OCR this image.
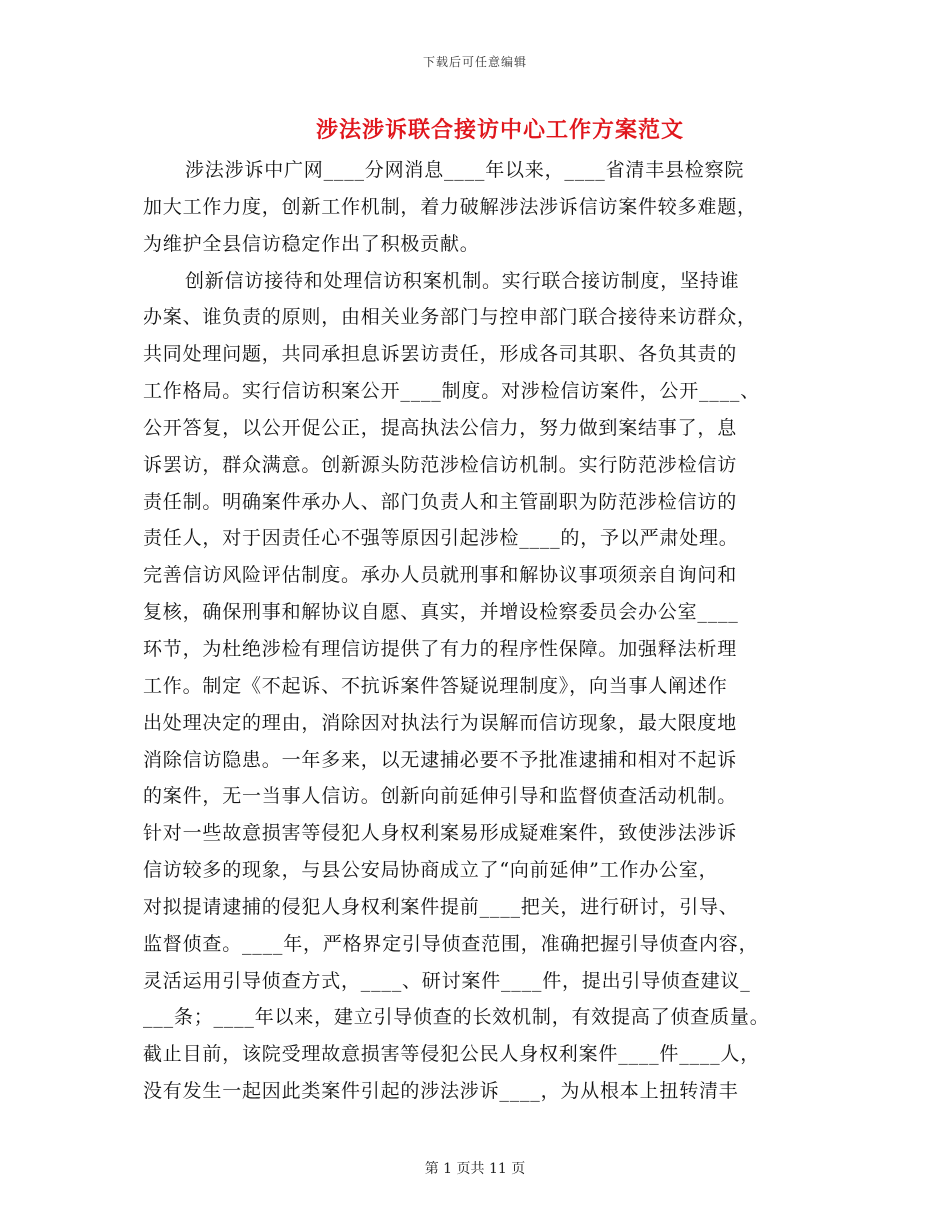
下载后可任意编辑
涉法涉诉联合接访中心工作方案范文
涉法涉诉中广网____分网消息____年以来，____省清丰县检察院
加大工作力度，创新工作机制，着力破解涉法涉诉信访案件较多难题，
为维护全县信访稳定作出了积极贡献。
创新信访接待和处理信访积案机制。实行联合接访制度，坚持谁
办案、谁负责的原则，由相关业务部门与控申部门联合接待来访群众，
共同处理问题，共同承担息诉罢访责任，形成各司其职、各负其责的
工作格局。实行信访积案公开____制度。对涉检信访案件，公开____、
公开答复，以公开促公正，提高执法公信力，努力做到案结事了，息
诉罢访，群众满意。创新源头防范涉检信访机制。实行防范涉检信访
责任制。明确案件承办人、部门负责人和主管副职为防范涉检信访的
责任人，对于因责任心不强等原因引起涉检____的，予以严肃处理。
完善信访风险评估制度。承办人员就刑事和解协议事项须亲自询问和
复核，确保刑事和解协议自愿、真实，并增设检察委员会办公室____
环节，为杜绝涉检有理信访提供了有力的程序性保障。加强释法析理
工作。制定《不起诉、不抗诉案件答疑说理制度》，向当事人阐述作
出处理决定的理由，消除因对执法行为误解而信访现象，最大限度地
消除信访隐患。一年多来，以无逮捕必要不予批准逮捕和相对不起诉
的案件，无一当事人信访。创新向前延伸引导和监督侦查活动机制。
针对一些故意损害等侵犯人身权利案易形成疑难案件，致使涉法涉诉
信访较多的现象，与县公安局协商成立了“向前延伸”工作办公室，
对拟提请逮捕的侵犯人身权利案件提前____把关，进行研讨，引导、
监督侦查。____年，严格界定引导侦查范围，准确把握引导侦查内容，
灵活运用引导侦查方式，____、研讨案件____件，提出引导侦查建议_
___条；____年以来，建立引导侦查的长效机制，有效提高了侦查质量。
截止目前，该院受理故意损害等侵犯公民人身权利案件____件____人，
没有发生一起因此类案件引起的涉法涉诉____，为从根本上扭转清丰
第 1 页共 11 页
